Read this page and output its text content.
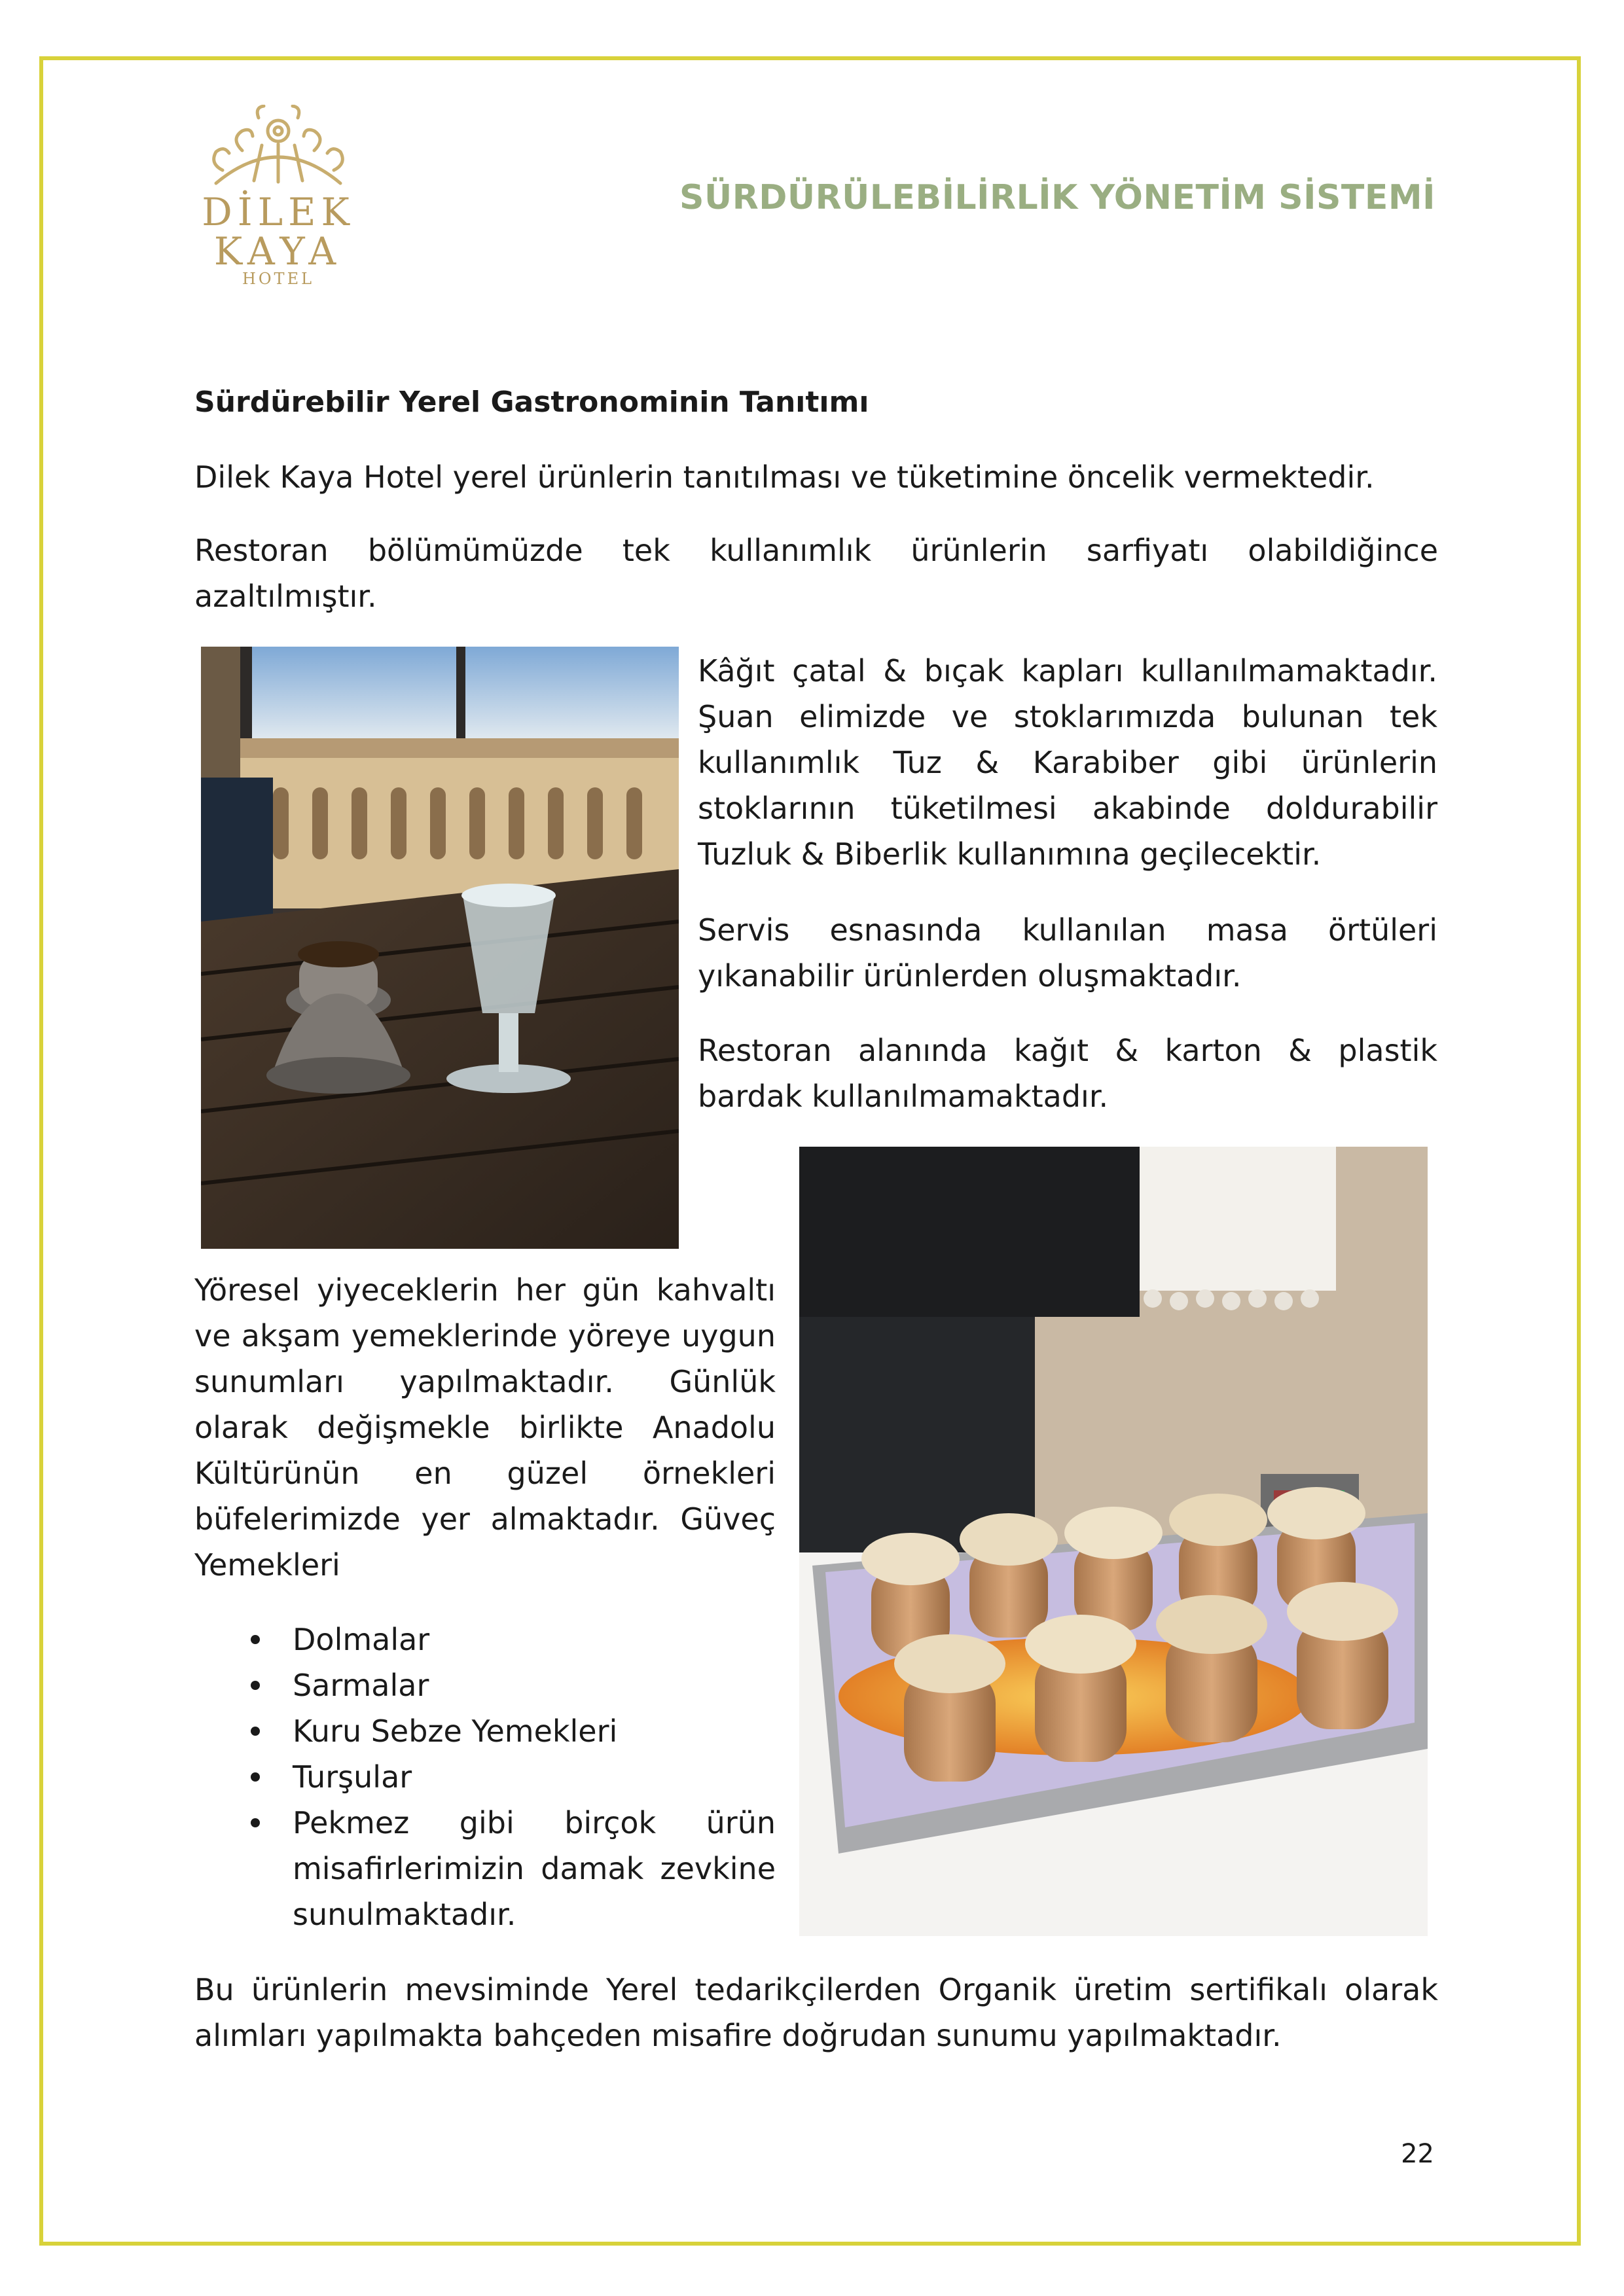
DİLEK
KAYA
HOTEL
SÜRDÜRÜLEBİLİRLİK YÖNETİM SİSTEMİ

Sürdürebilir Yerel Gastronominin Tanıtımı

Dilek Kaya Hotel yerel ürünlerin tanıtılması ve tüketimine öncelik vermektedir.

Restoran bölümümüzde tek kullanımlık ürünlerin sarfiyatı olabildiğince azaltılmıştır.

Kâğıt çatal & bıçak kapları kullanılmamaktadır. Şuan elimizde ve stoklarımızda bulunan tek kullanımlık Tuz & Karabiber gibi ürünlerin stoklarının tüketilmesi akabinde doldurabilir Tuzluk & Biberlik kullanımına geçilecektir.

Servis esnasında kullanılan masa örtüleri yıkanabilir ürünlerden oluşmaktadır.

Restoran alanında kağıt & karton & plastik bardak kullanılmamaktadır.

Yöresel yiyeceklerin her gün kahvaltı ve akşam yemeklerinde yöreye uygun sunumları yapılmaktadır. Günlük olarak değişmekle birlikte Anadolu Kültürünün en güzel örnekleri büfelerimizde yer almaktadır. Güveç Yemekleri

Dolmalar
Sarmalar
Kuru Sebze Yemekleri
Turşular
Pekmez gibi birçok ürün misafirlerimizin damak zevkine sunulmaktadır.

Bu ürünlerin mevsiminde Yerel tedarikçilerden Organik üretim sertifikalı olarak alımları yapılmakta bahçeden misafire doğrudan sunumu yapılmaktadır.

22
